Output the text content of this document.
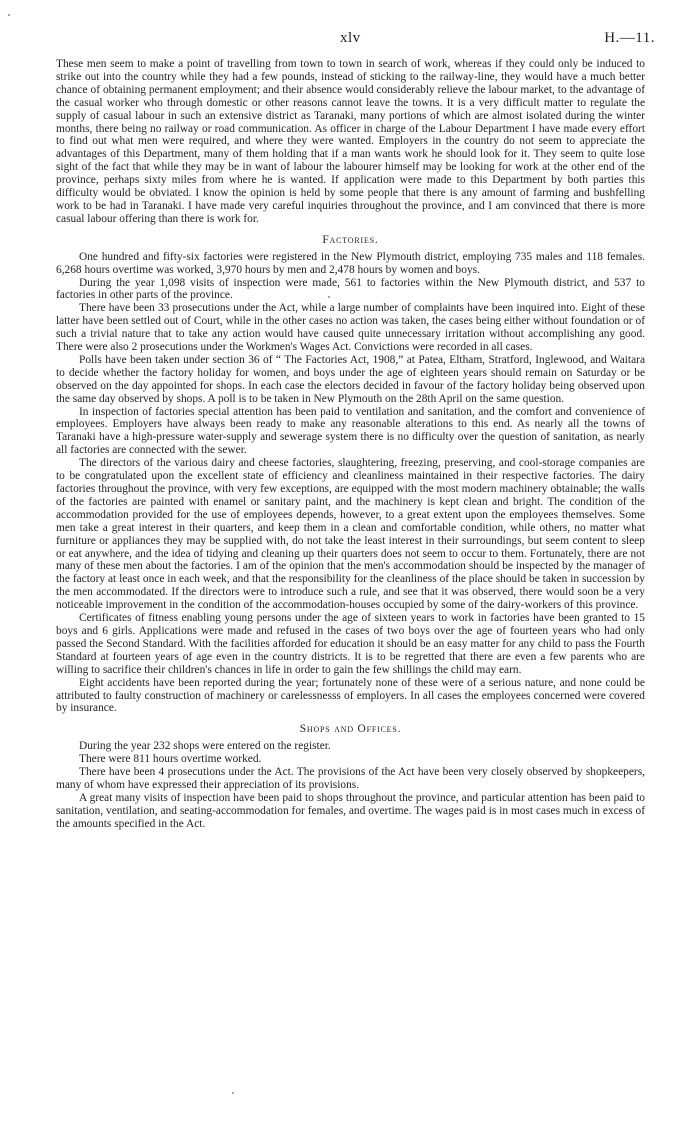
xlv	H.—11.

These men seem to make a point of travelling from town to town in search of work, whereas if they could only be induced to strike out into the country while they had a few pounds, instead of sticking to the railway-line, they would have a much better chance of obtaining permanent employment; and their absence would considerably relieve the labour market, to the advantage of the casual worker who through domestic or other reasons cannot leave the towns. It is a very difficult matter to regulate the supply of casual labour in such an extensive district as Taranaki, many portions of which are almost isolated during the winter months, there being no railway or road communication. As officer in charge of the Labour Department I have made every effort to find out what men were required, and where they were wanted. Employers in the country do not seem to appreciate the advantages of this Department, many of them holding that if a man wants work he should look for it. They seem to quite lose sight of the fact that while they may be in want of labour the labourer himself may be looking for work at the other end of the province, perhaps sixty miles from where he is wanted. If application were made to this Department by both parties this difficulty would be obviated. I know the opinion is held by some people that there is any amount of farming and bushfelling work to be had in Taranaki. I have made very careful inquiries throughout the province, and I am convinced that there is more casual labour offering than there is work for.

Factories.

One hundred and fifty-six factories were registered in the New Plymouth district, employing 735 males and 118 females. 6,268 hours overtime was worked, 3,970 hours by men and 2,478 hours by women and boys.

During the year 1,098 visits of inspection were made, 561 to factories within the New Plymouth district, and 537 to factories in other parts of the province.

There have been 33 prosecutions under the Act, while a large number of complaints have been inquired into. Eight of these latter have been settled out of Court, while in the other cases no action was taken, the cases being either without foundation or of such a trivial nature that to take any action would have caused quite unnecessary irritation without accomplishing any good. There were also 2 prosecutions under the Workmen's Wages Act. Convictions were recorded in all cases.

Polls have been taken under section 36 of “ The Factories Act, 1908,” at Patea, Eltham, Stratford, Inglewood, and Waitara to decide whether the factory holiday for women, and boys under the age of eighteen years should remain on Saturday or be observed on the day appointed for shops. In each case the electors decided in favour of the factory holiday being observed upon the same day observed by shops. A poll is to be taken in New Plymouth on the 28th April on the same question.

In inspection of factories special attention has been paid to ventilation and sanitation, and the comfort and convenience of employees. Employers have always been ready to make any reasonable alterations to this end. As nearly all the towns of Taranaki have a high-pressure water-supply and sewerage system there is no difficulty over the question of sanitation, as nearly all factories are connected with the sewer.

The directors of the various dairy and cheese factories, slaughtering, freezing, preserving, and cool-storage companies are to be congratulated upon the excellent state of efficiency and cleanliness maintained in their respective factories. The dairy factories throughout the province, with very few exceptions, are equipped with the most modern machinery obtainable; the walls of the factories are painted with enamel or sanitary paint, and the machinery is kept clean and bright. The condition of the accommodation provided for the use of employees depends, however, to a great extent upon the employees themselves. Some men take a great interest in their quarters, and keep them in a clean and comfortable condition, while others, no matter what furniture or appliances they may be supplied with, do not take the least interest in their surroundings, but seem content to sleep or eat anywhere, and the idea of tidying and cleaning up their quarters does not seem to occur to them. Fortunately, there are not many of these men about the factories. I am of the opinion that the men's accommodation should be inspected by the manager of the factory at least once in each week, and that the responsibility for the cleanliness of the place should be taken in succession by the men accommodated. If the directors were to introduce such a rule, and see that it was observed, there would soon be a very noticeable improvement in the condition of the accommodation-houses occupied by some of the dairy-workers of this province.

Certificates of fitness enabling young persons under the age of sixteen years to work in factories have been granted to 15 boys and 6 girls. Applications were made and refused in the cases of two boys over the age of fourteen years who had only passed the Second Standard. With the facilities afforded for education it should be an easy matter for any child to pass the Fourth Standard at fourteen years of age even in the country districts. It is to be regretted that there are even a few parents who are willing to sacrifice their children's chances in life in order to gain the few shillings the child may earn.

Eight accidents have been reported during the year; fortunately none of these were of a serious nature, and none could be attributed to faulty construction of machinery or carelessnesss of employers. In all cases the employees concerned were covered by insurance.

Shops and Offices.

During the year 232 shops were entered on the register.

There were 811 hours overtime worked.

There have been 4 prosecutions under the Act. The provisions of the Act have been very closely observed by shopkeepers, many of whom have expressed their appreciation of its provisions.

A great many visits of inspection have been paid to shops throughout the province, and particular attention has been paid to sanitation, ventilation, and seating-accommodation for females, and overtime. The wages paid is in most cases much in excess of the amounts specified in the Act.
